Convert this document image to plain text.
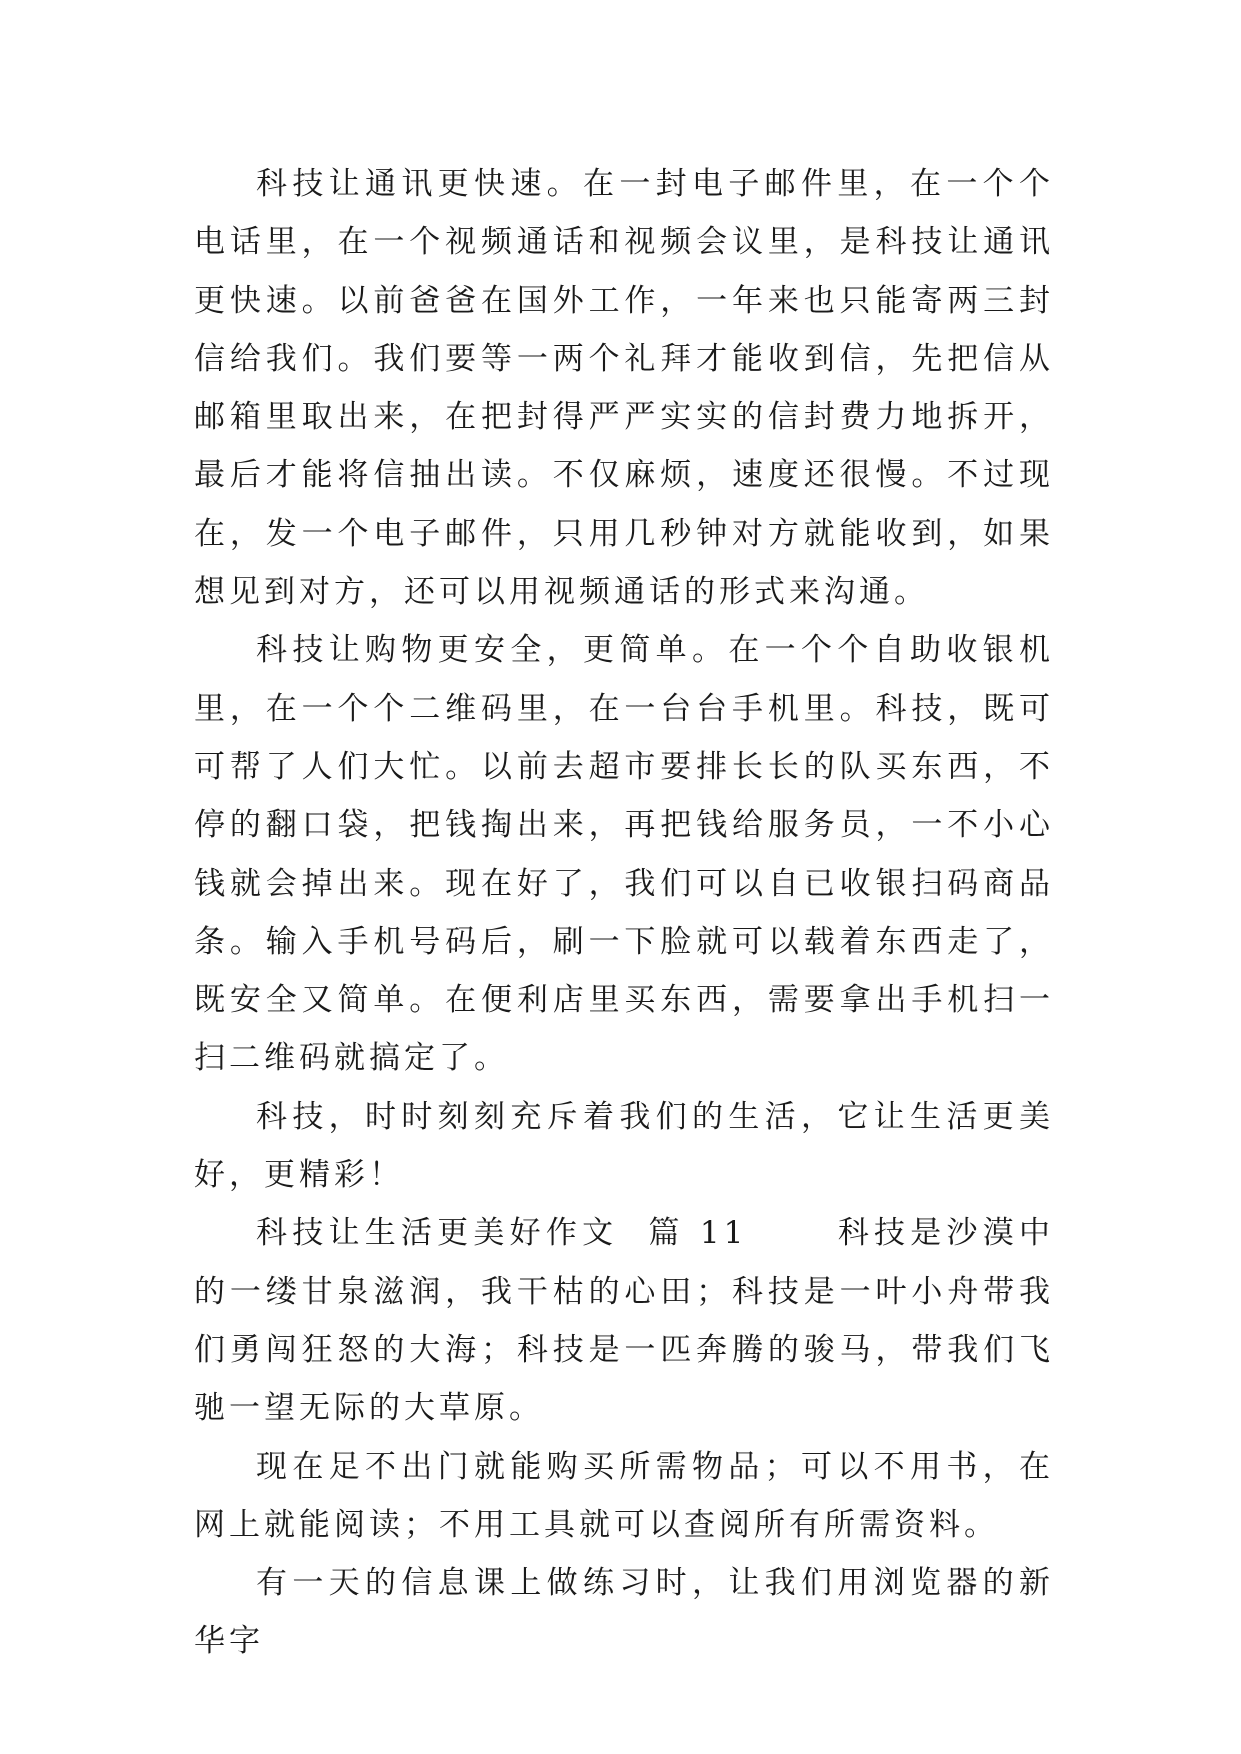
科技让通讯更快速。在一封电子邮件里，在一个个电话里，在一个视频通话和视频会议里，是科技让通讯更快速。以前爸爸在国外工作，一年来也只能寄两三封信给我们。我们要等一两个礼拜才能收到信，先把信从邮箱里取出来，在把封得严严实实的信封费力地拆开，最后才能将信抽出读。不仅麻烦，速度还很慢。不过现在，发一个电子邮件，只用几秒钟对方就能收到，如果想见到对方，还可以用视频通话的形式来沟通。

科技让购物更安全，更简单。在一个个自助收银机里，在一个个二维码里，在一台台手机里。科技，既可可帮了人们大忙。以前去超市要排长长的队买东西，不停的翻口袋，把钱掏出来，再把钱给服务员，一不小心钱就会掉出来。现在好了，我们可以自已收银扫码商品条。输入手机号码后，刷一下脸就可以载着东西走了，既安全又简单。在便利店里买东西，需要拿出手机扫一扫二维码就搞定了。

科技，时时刻刻充斥着我们的生活，它让生活更美好，更精彩！

科技让生活更美好作文  篇 11      科技是沙漠中的一缕甘泉滋润，我干枯的心田；科技是一叶小舟带我们勇闯狂怒的大海；科技是一匹奔腾的骏马，带我们飞驰一望无际的大草原。

现在足不出门就能购买所需物品；可以不用书，在网上就能阅读；不用工具就可以查阅所有所需资料。

有一天的信息课上做练习时，让我们用浏览器的新华字
